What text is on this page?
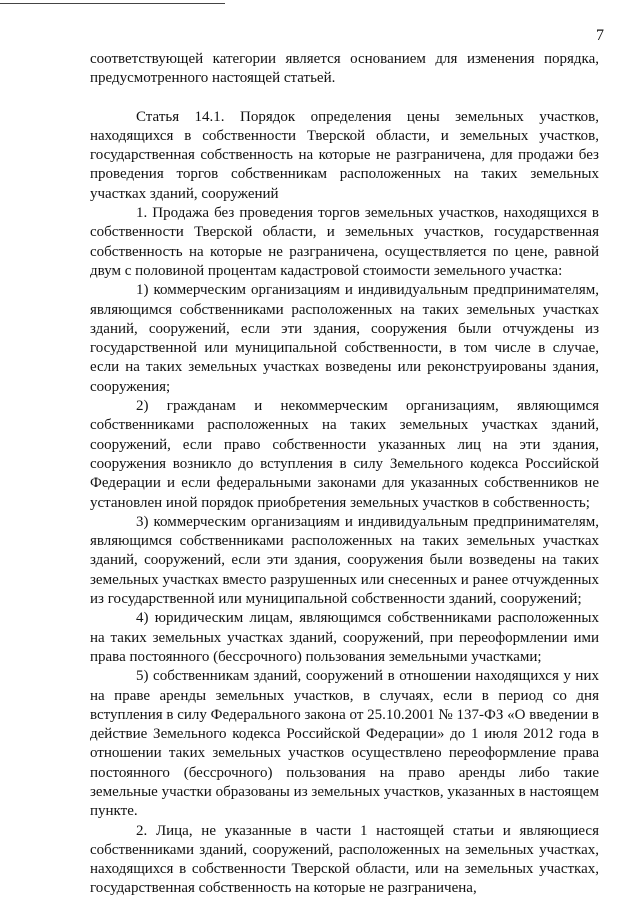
7

соответствующей категории является основанием для изменения порядка, предусмотренного настоящей статьей.

Статья 14.1. Порядок определения цены земельных участков, находящихся в собственности Тверской области, и земельных участков, государственная собственность на которые не разграничена, для продажи без проведения торгов собственникам расположенных на таких земельных участках зданий, сооружений

1. Продажа без проведения торгов земельных участков, находящихся в собственности Тверской области, и земельных участков, государственная собственность на которые не разграничена, осуществляется по цене, равной двум с половиной процентам кадастровой стоимости земельного участка:

1) коммерческим организациям и индивидуальным предпринимателям, являющимся собственниками расположенных на таких земельных участках зданий, сооружений, если эти здания, сооружения были отчуждены из государственной или муниципальной собственности, в том числе в случае, если на таких земельных участках возведены или реконструированы здания, сооружения;

2) гражданам и некоммерческим организациям, являющимся собственниками расположенных на таких земельных участках зданий, сооружений, если право собственности указанных лиц на эти здания, сооружения возникло до вступления в силу Земельного кодекса Российской Федерации и если федеральными законами для указанных собственников не установлен иной порядок приобретения земельных участков в собственность;

3) коммерческим организациям и индивидуальным предпринимателям, являющимся собственниками расположенных на таких земельных участках зданий, сооружений, если эти здания, сооружения были возведены на таких земельных участках вместо разрушенных или снесенных и ранее отчужденных из государственной или муниципальной собственности зданий, сооружений;

4) юридическим лицам, являющимся собственниками расположенных на таких земельных участках зданий, сооружений, при переоформлении ими права постоянного (бессрочного) пользования земельными участками;

5) собственникам зданий, сооружений в отношении находящихся у них на праве аренды земельных участков, в случаях, если в период со дня вступления в силу Федерального закона от 25.10.2001 № 137-ФЗ «О введении в действие Земельного кодекса Российской Федерации» до 1 июля 2012 года в отношении таких земельных участков осуществлено переоформление права постоянного (бессрочного) пользования на право аренды либо такие земельные участки образованы из земельных участков, указанных в настоящем пункте.

2. Лица, не указанные в части 1 настоящей статьи и являющиеся собственниками зданий, сооружений, расположенных на земельных участках, находящихся в собственности Тверской области, или на земельных участках, государственная собственность на которые не разграничена,
